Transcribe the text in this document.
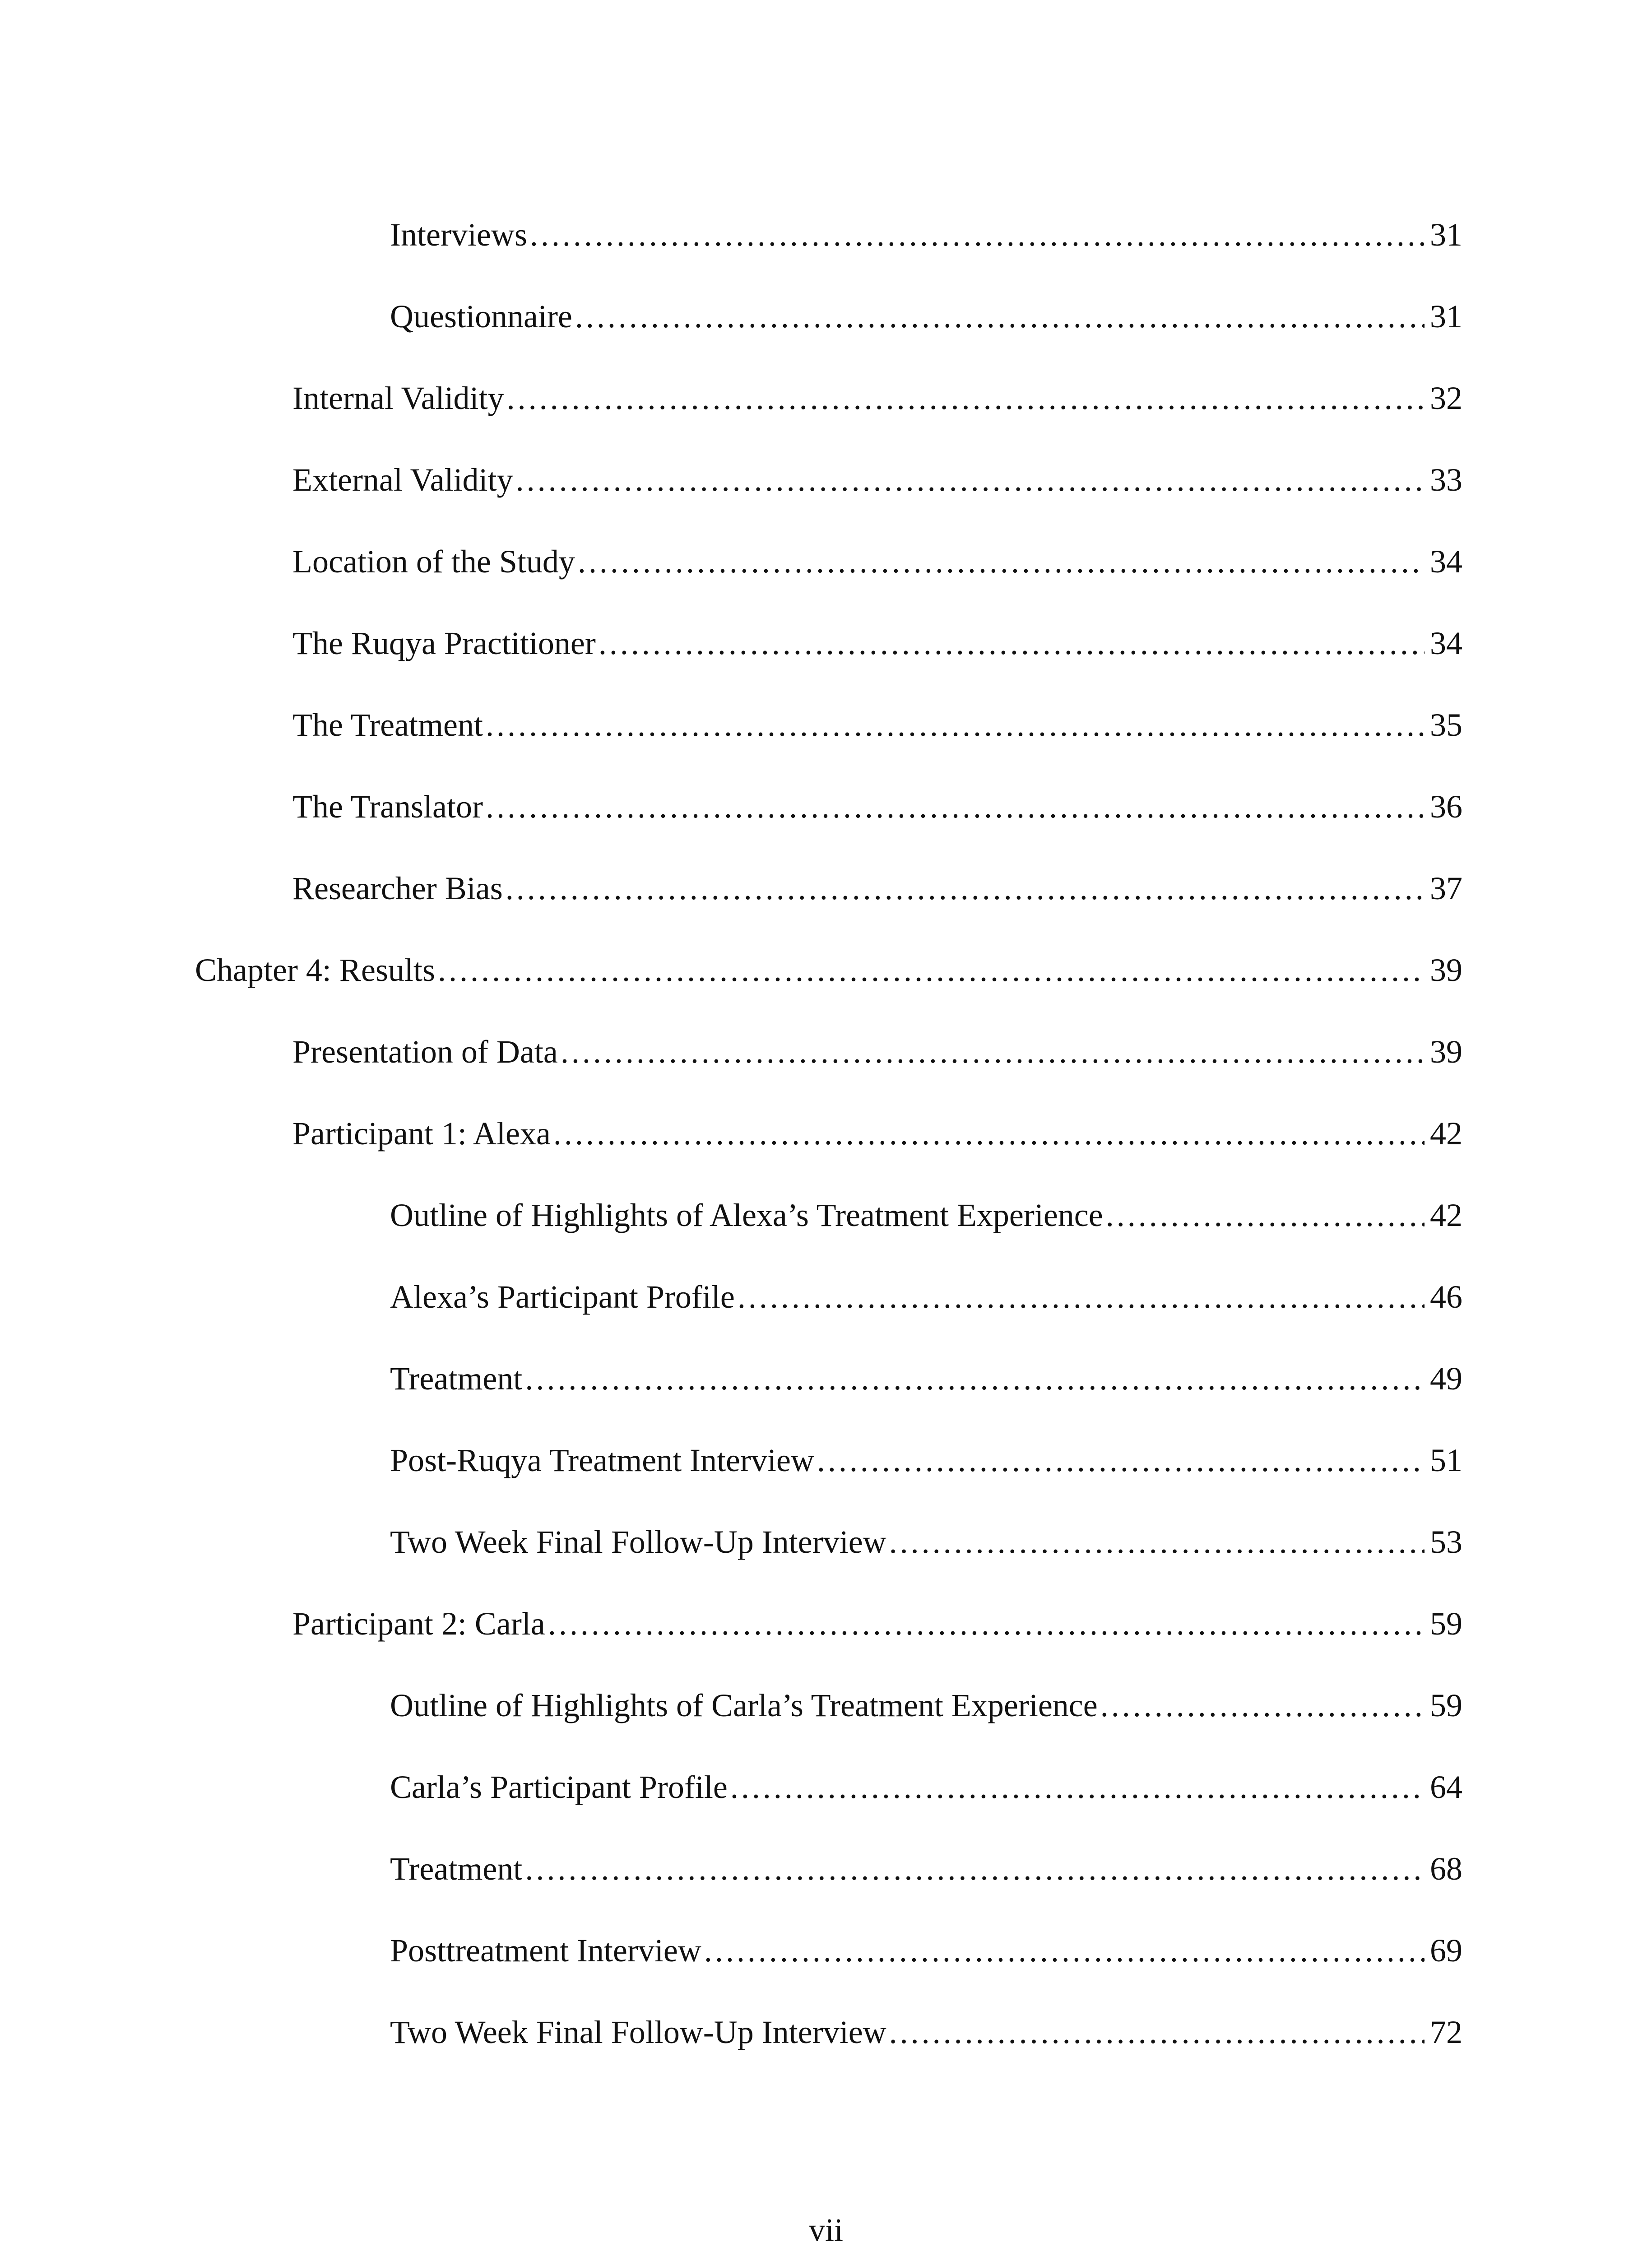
Interviews .....	31
Questionnaire .....	31
Internal Validity .....	32
External Validity .....	33
Location of the Study .....	34
The Ruqya Practitioner .....	34
The Treatment .....	35
The Translator .....	36
Researcher Bias .....	37
Chapter 4: Results .....	39
Presentation of Data .....	39
Participant 1: Alexa .....	42
Outline of Highlights of Alexa’s Treatment Experience .....	42
Alexa’s Participant Profile .....	46
Treatment .....	49
Post-Ruqya Treatment Interview .....	51
Two Week Final Follow-Up Interview .....	53
Participant 2: Carla .....	59
Outline of Highlights of Carla’s Treatment Experience .....	59
Carla’s Participant Profile .....	64
Treatment .....	68
Posttreatment Interview .....	69
Two Week Final Follow-Up Interview .....	72
vii
